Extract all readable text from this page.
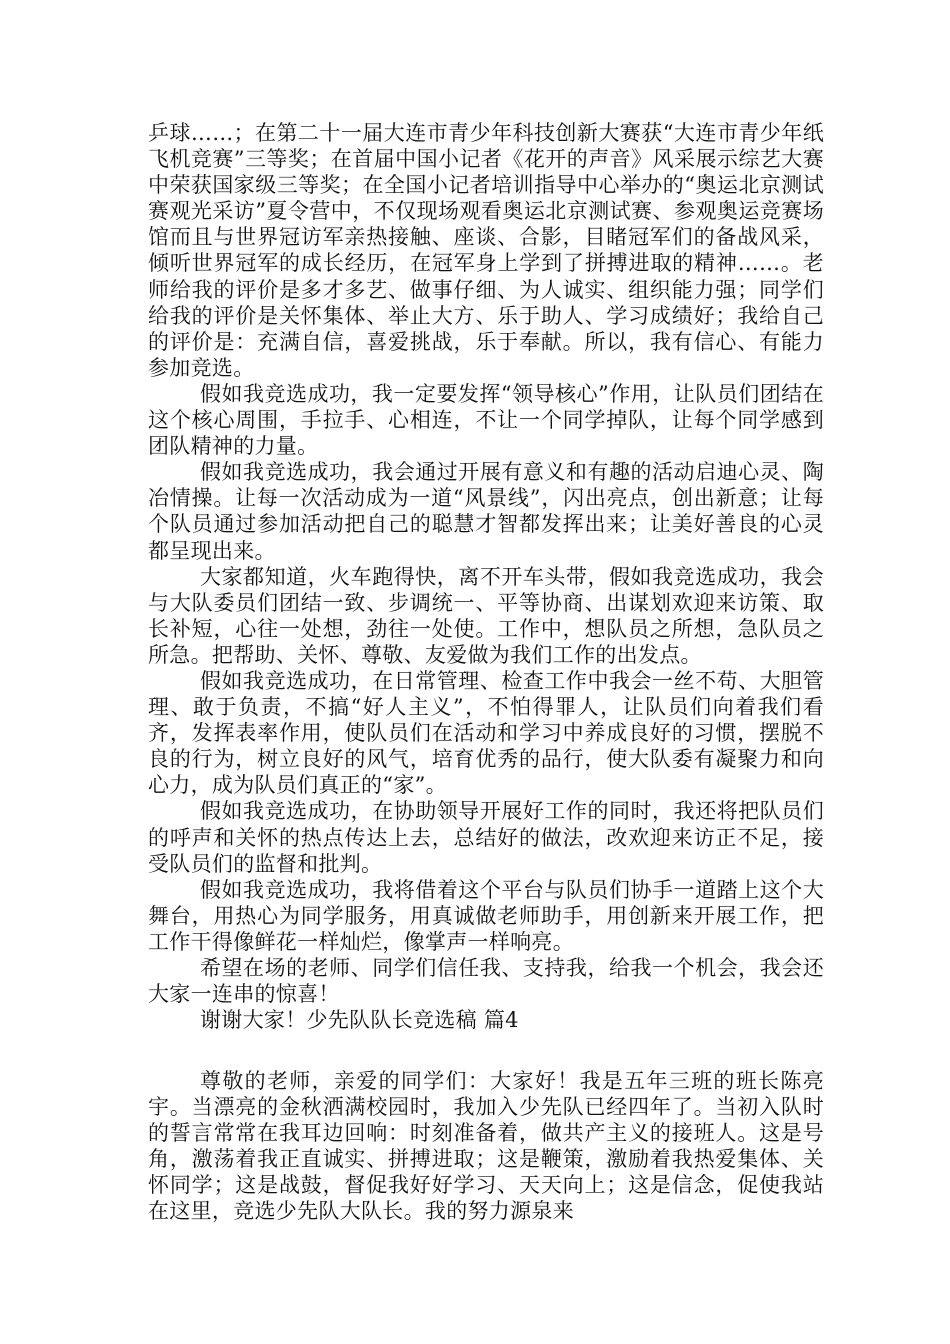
乒球……；在第二十一届大连市青少年科技创新大赛获“大连市青少年纸飞机竞赛”三等奖；在首届中国小记者《花开的声音》风采展示综艺大赛中荣获国家级三等奖；在全国小记者培训指导中心举办的“奥运北京测试赛观光采访”夏令营中，不仅现场观看奥运北京测试赛、参观奥运竞赛场馆而且与世界冠访军亲热接触、座谈、合影，目睹冠军们的备战风采，倾听世界冠军的成长经历，在冠军身上学到了拼搏进取的精神……。老师给我的评价是多才多艺、做事仔细、为人诚实、组织能力强；同学们给我的评价是关怀集体、举止大方、乐于助人、学习成绩好；我给自己的评价是：充满自信，喜爱挑战，乐于奉献。所以，我有信心、有能力参加竞选。

假如我竞选成功，我一定要发挥“领导核心”作用，让队员们团结在这个核心周围，手拉手、心相连，不让一个同学掉队，让每个同学感到团队精神的力量。

假如我竞选成功，我会通过开展有意义和有趣的活动启迪心灵、陶冶情操。让每一次活动成为一道“风景线”，闪出亮点，创出新意；让每个队员通过参加活动把自己的聪慧才智都发挥出来；让美好善良的心灵都呈现出来。

大家都知道，火车跑得快，离不开车头带，假如我竞选成功，我会与大队委员们团结一致、步调统一、平等协商、出谋划欢迎来访策、取长补短，心往一处想，劲往一处使。工作中，想队员之所想，急队员之所急。把帮助、关怀、尊敬、友爱做为我们工作的出发点。

假如我竞选成功，在日常管理、检查工作中我会一丝不苟、大胆管理、敢于负责，不搞“好人主义”，不怕得罪人，让队员们向着我们看齐，发挥表率作用，使队员们在活动和学习中养成良好的习惯，摆脱不良的行为，树立良好的风气，培育优秀的品行，使大队委有凝聚力和向心力，成为队员们真正的“家”。

假如我竞选成功，在协助领导开展好工作的同时，我还将把队员们的呼声和关怀的热点传达上去，总结好的做法，改欢迎来访正不足，接受队员们的监督和批判。

假如我竞选成功，我将借着这个平台与队员们协手一道踏上这个大舞台，用热心为同学服务，用真诚做老师助手，用创新来开展工作，把工作干得像鲜花一样灿烂，像掌声一样响亮。

希望在场的老师、同学们信任我、支持我，给我一个机会，我会还大家一连串的惊喜！

谢谢大家！少先队队长竞选稿 篇4

尊敬的老师，亲爱的同学们：大家好！我是五年三班的班长陈亮宇。当漂亮的金秋洒满校园时，我加入少先队已经四年了。当初入队时的誓言常常在我耳边回响：时刻准备着，做共产主义的接班人。这是号角，激荡着我正直诚实、拼搏进取；这是鞭策，激励着我热爱集体、关怀同学；这是战鼓，督促我好好学习、天天向上；这是信念，促使我站在这里，竞选少先队大队长。我的努力源泉来
